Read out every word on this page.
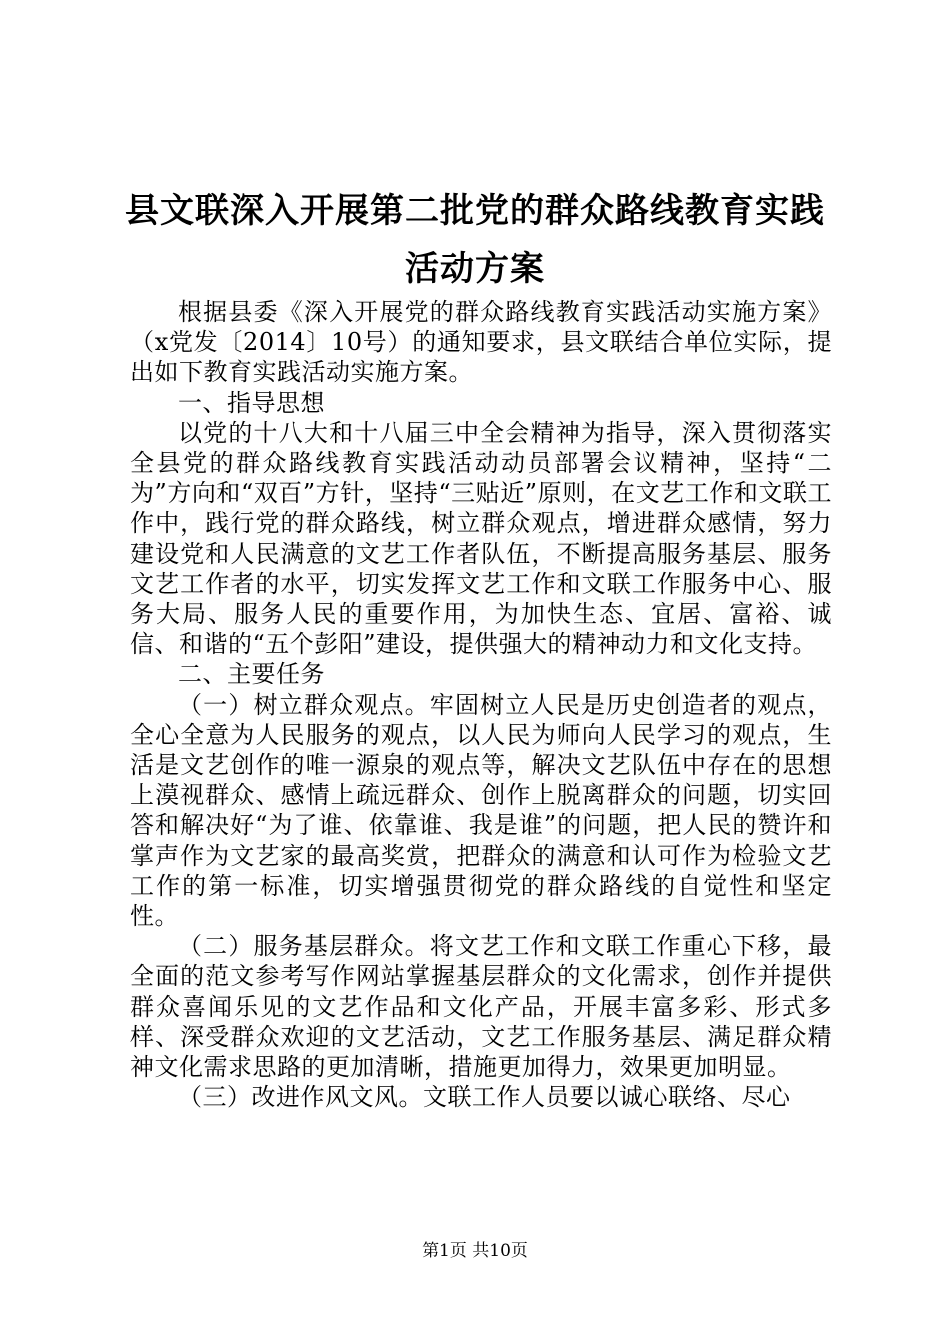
县文联深入开展第二批党的群众路线教育实践
活动方案

根据县委《深入开展党的群众路线教育实践活动实施方案》（x党发〔2014〕10号）的通知要求，县文联结合单位实际，提出如下教育实践活动实施方案。

一、指导思想

以党的十八大和十八届三中全会精神为指导，深入贯彻落实全县党的群众路线教育实践活动动员部署会议精神，坚持“二为”方向和“双百”方针，坚持“三贴近”原则，在文艺工作和文联工作中，践行党的群众路线，树立群众观点，增进群众感情，努力建设党和人民满意的文艺工作者队伍，不断提高服务基层、服务文艺工作者的水平，切实发挥文艺工作和文联工作服务中心、服务大局、服务人民的重要作用，为加快生态、宜居、富裕、诚信、和谐的“五个彭阳”建设，提供强大的精神动力和文化支持。

二、主要任务

（一）树立群众观点。牢固树立人民是历史创造者的观点，全心全意为人民服务的观点，以人民为师向人民学习的观点，生活是文艺创作的唯一源泉的观点等，解决文艺队伍中存在的思想上漠视群众、感情上疏远群众、创作上脱离群众的问题，切实回答和解决好“为了谁、依靠谁、我是谁”的问题，把人民的赞许和掌声作为文艺家的最高奖赏，把群众的满意和认可作为检验文艺工作的第一标准，切实增强贯彻党的群众路线的自觉性和坚定性。

（二）服务基层群众。将文艺工作和文联工作重心下移，最全面的范文参考写作网站掌握基层群众的文化需求，创作并提供群众喜闻乐见的文艺作品和文化产品，开展丰富多彩、形式多样、深受群众欢迎的文艺活动，文艺工作服务基层、满足群众精神文化需求思路的更加清晰，措施更加得力，效果更加明显。

（三）改进作风文风。文联工作人员要以诚心联络、尽心

第1页 共10页
